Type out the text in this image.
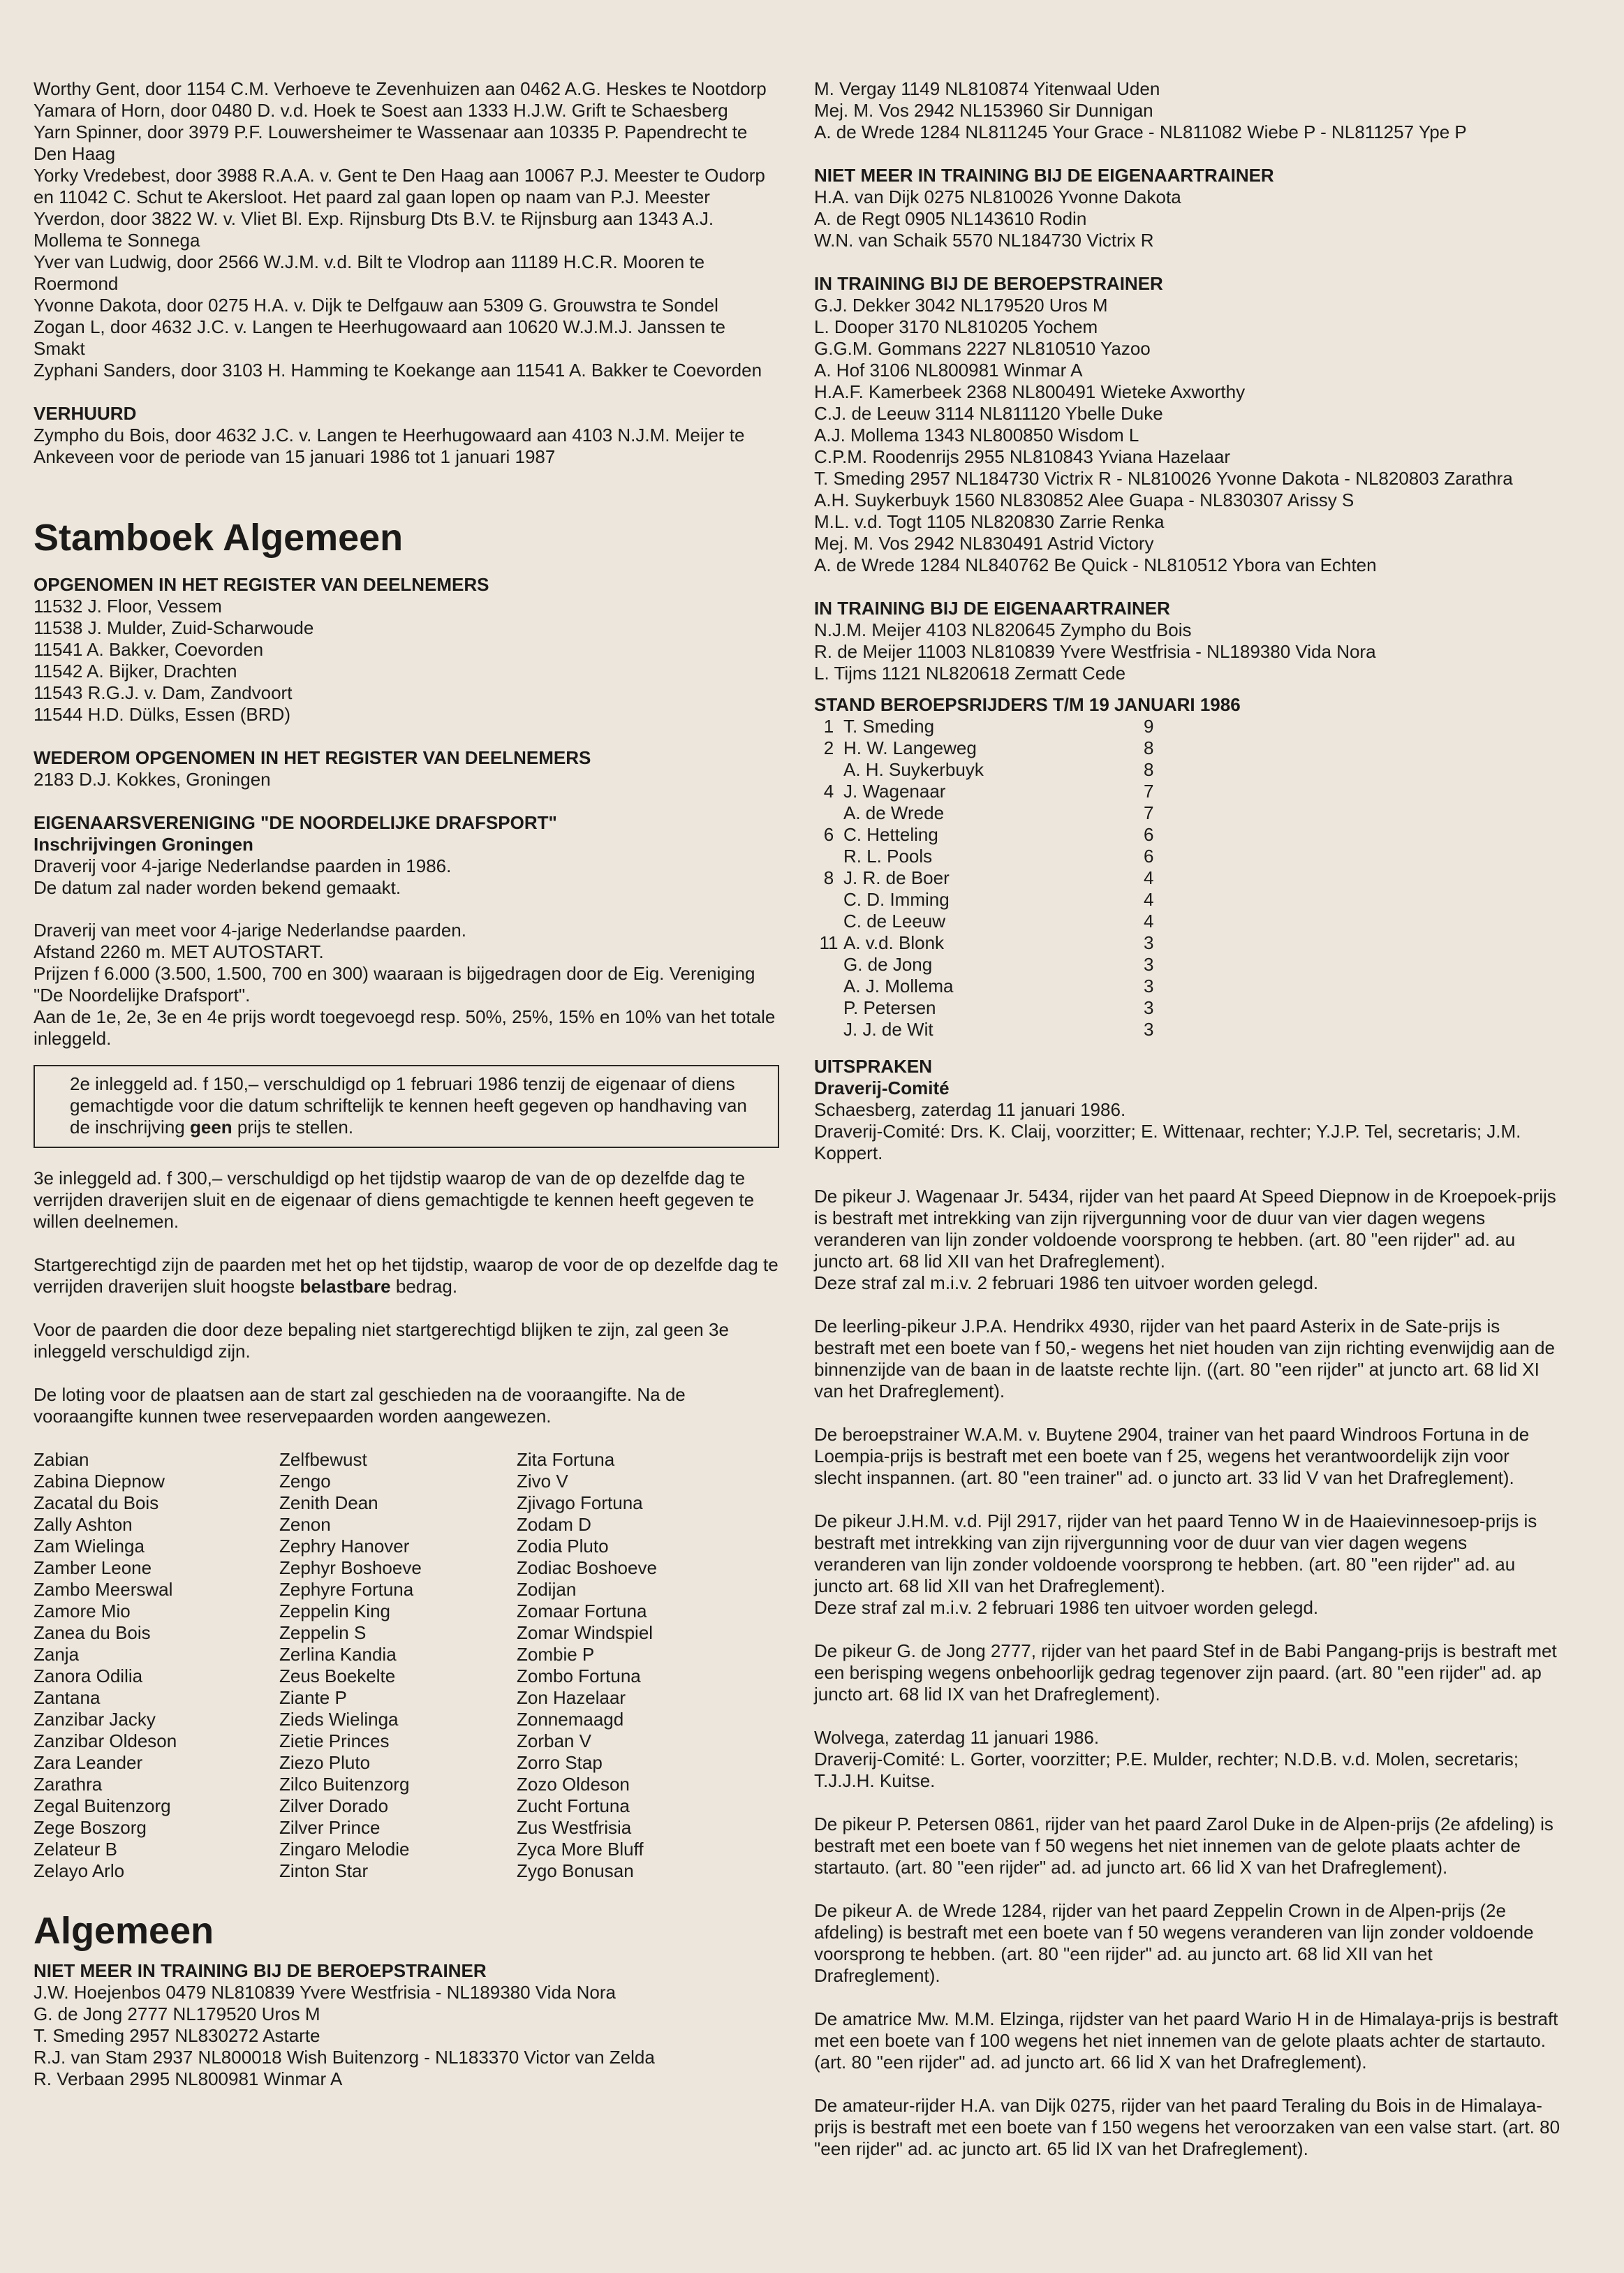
Worthy Gent, door 1154 C.M. Verhoeve te Zevenhuizen aan 0462 A.G. Heskes te Nootdorp

Yamara of Horn, door 0480 D. v.d. Hoek te Soest aan 1333 H.J.W. Grift te Schaesberg

Yarn Spinner, door 3979 P.F. Louwersheimer te Wassenaar aan 10335 P. Papendrecht te Den Haag

Yorky Vredebest, door 3988 R.A.A. v. Gent te Den Haag aan 10067 P.J. Meester te Oudorp en 11042 C. Schut te Akersloot. Het paard zal gaan lopen op naam van P.J. Meester

Yverdon, door 3822 W. v. Vliet Bl. Exp. Rijnsburg Dts B.V. te Rijnsburg aan 1343 A.J. Mollema te Sonnega

Yver van Ludwig, door 2566 W.J.M. v.d. Bilt te Vlodrop aan 11189 H.C.R. Mooren te Roermond

Yvonne Dakota, door 0275 H.A. v. Dijk te Delfgauw aan 5309 G. Grouwstra te Sondel

Zogan L, door 4632 J.C. v. Langen te Heerhugowaard aan 10620 W.J.M.J. Janssen te Smakt

Zyphani Sanders, door 3103 H. Hamming te Koekange aan 11541 A. Bakker te Coevorden

VERHUURD

Zympho du Bois, door 4632 J.C. v. Langen te Heerhugowaard aan 4103 N.J.M. Meijer te Ankeveen voor de periode van 15 januari 1986 tot 1 januari 1987

Stamboek Algemeen

OPGENOMEN IN HET REGISTER VAN DEELNEMERS

11532 J. Floor, Vessem

11538 J. Mulder, Zuid-Scharwoude

11541 A. Bakker, Coevorden

11542 A. Bijker, Drachten

11543 R.G.J. v. Dam, Zandvoort

11544 H.D. Dülks, Essen (BRD)

WEDEROM OPGENOMEN IN HET REGISTER VAN DEELNEMERS

2183 D.J. Kokkes, Groningen

EIGENAARSVERENIGING "DE NOORDELIJKE DRAFSPORT"

Inschrijvingen Groningen

Draverij voor 4-jarige Nederlandse paarden in 1986.

De datum zal nader worden bekend gemaakt.

Draverij van meet voor 4-jarige Nederlandse paarden.

Afstand 2260 m. MET AUTOSTART.

Prijzen f 6.000 (3.500, 1.500, 700 en 300) waaraan is bijgedragen door de Eig. Vereniging "De Noordelijke Drafsport".

Aan de 1e, 2e, 3e en 4e prijs wordt toegevoegd resp. 50%, 25%, 15% en 10% van het totale inleggeld.

2e inleggeld ad. f 150,– verschuldigd op 1 februari 1986 tenzij de eigenaar of diens gemachtigde voor die datum schriftelijk te kennen heeft gegeven op handhaving van de inschrijving geen prijs te stellen.

3e inleggeld ad. f 300,– verschuldigd op het tijdstip waarop de van de op dezelfde dag te verrijden draverijen sluit en de eigenaar of diens gemachtigde te kennen heeft gegeven te willen deelnemen.

Startgerechtigd zijn de paarden met het op het tijdstip, waarop de voor de op dezelfde dag te verrijden draverijen sluit hoogste belastbare bedrag.

Voor de paarden die door deze bepaling niet startgerechtigd blijken te zijn, zal geen 3e inleggeld verschuldigd zijn.

De loting voor de plaatsen aan de start zal geschieden na de vooraangifte. Na de vooraangifte kunnen twee reservepaarden worden aangewezen.

Zabian
Zabina Diepnow
Zacatal du Bois
Zally Ashton
Zam Wielinga
Zamber Leone
Zambo Meerswal
Zamore Mio
Zanea du Bois
Zanja
Zanora Odilia
Zantana
Zanzibar Jacky
Zanzibar Oldeson
Zara Leander
Zarathra
Zegal Buitenzorg
Zege Boszorg
Zelateur B
Zelayo Arlo
Zelfbewust
Zengo
Zenith Dean
Zenon
Zephry Hanover
Zephyr Boshoeve
Zephyre Fortuna
Zeppelin King
Zeppelin S
Zerlina Kandia
Zeus Boekelte
Ziante P
Zieds Wielinga
Zietie Princes
Ziezo Pluto
Zilco Buitenzorg
Zilver Dorado
Zilver Prince
Zingaro Melodie
Zinton Star
Zita Fortuna
Zivo V
Zjivago Fortuna
Zodam D
Zodia Pluto
Zodiac Boshoeve
Zodijan
Zomaar Fortuna
Zomar Windspiel
Zombie P
Zombo Fortuna
Zon Hazelaar
Zonnemaagd
Zorban V
Zorro Stap
Zozo Oldeson
Zucht Fortuna
Zus Westfrisia
Zyca More Bluff
Zygo Bonusan
Algemeen

NIET MEER IN TRAINING BIJ DE BEROEPSTRAINER

J.W. Hoejenbos 0479 NL810839 Yvere Westfrisia - NL189380 Vida Nora

G. de Jong 2777 NL179520 Uros M

T. Smeding 2957 NL830272 Astarte

R.J. van Stam 2937 NL800018 Wish Buitenzorg - NL183370 Victor van Zelda

R. Verbaan 2995 NL800981 Winmar A

M. Vergay 1149 NL810874 Yitenwaal Uden

Mej. M. Vos 2942 NL153960 Sir Dunnigan

A. de Wrede 1284 NL811245 Your Grace - NL811082 Wiebe P - NL811257 Ype P

NIET MEER IN TRAINING BIJ DE EIGENAARTRAINER

H.A. van Dijk 0275 NL810026 Yvonne Dakota

A. de Regt 0905 NL143610 Rodin

W.N. van Schaik 5570 NL184730 Victrix R

IN TRAINING BIJ DE BEROEPSTRAINER

G.J. Dekker 3042 NL179520 Uros M

L. Dooper 3170 NL810205 Yochem

G.G.M. Gommans 2227 NL810510 Yazoo

A. Hof 3106 NL800981 Winmar A

H.A.F. Kamerbeek 2368 NL800491 Wieteke Axworthy

C.J. de Leeuw 3114 NL811120 Ybelle Duke

A.J. Mollema 1343 NL800850 Wisdom L

C.P.M. Roodenrijs 2955 NL810843 Yviana Hazelaar

T. Smeding 2957 NL184730 Victrix R - NL810026 Yvonne Dakota - NL820803 Zarathra

A.H. Suykerbuyk 1560 NL830852 Alee Guapa - NL830307 Arissy S

M.L. v.d. Togt 1105 NL820830 Zarrie Renka

Mej. M. Vos 2942 NL830491 Astrid Victory

A. de Wrede 1284 NL840762 Be Quick - NL810512 Ybora van Echten

IN TRAINING BIJ DE EIGENAARTRAINER

N.J.M. Meijer 4103 NL820645 Zympho du Bois

R. de Meijer 11003 NL810839 Yvere Westfrisia - NL189380 Vida Nora

L. Tijms 1121 NL820618 Zermatt Cede

STAND BEROEPSRIJDERS T/M 19 JANUARI 1986

1	T. Smeding	9
2	H. W. Langeweg	8
	A. H. Suykerbuyk	8
4	J. Wagenaar	7
	A. de Wrede	7
6	C. Hetteling	6
	R. L. Pools	6
8	J. R. de Boer	4
	C. D. Imming	4
	C. de Leeuw	4
11	A. v.d. Blonk	3
	G. de Jong	3
	A. J. Mollema	3
	P. Petersen	3
	J. J. de Wit	3

UITSPRAKEN

Draverij-Comité

Schaesberg, zaterdag 11 januari 1986.

Draverij-Comité: Drs. K. Claij, voorzitter; E. Wittenaar, rechter; Y.J.P. Tel, secretaris; J.M. Koppert.

De pikeur J. Wagenaar Jr. 5434, rijder van het paard At Speed Diepnow in de Kroepoek-prijs is bestraft met intrekking van zijn rijvergunning voor de duur van vier dagen wegens veranderen van lijn zonder voldoende voorsprong te hebben. (art. 80 "een rijder" ad. au juncto art. 68 lid XII van het Drafreglement).

Deze straf zal m.i.v. 2 februari 1986 ten uitvoer worden gelegd.

De leerling-pikeur J.P.A. Hendrikx 4930, rijder van het paard Asterix in de Sate-prijs is bestraft met een boete van f 50,- wegens het niet houden van zijn richting evenwijdig aan de binnenzijde van de baan in de laatste rechte lijn. ((art. 80 "een rijder" at juncto art. 68 lid XI van het Drafreglement).

De beroepstrainer W.A.M. v. Buytene 2904, trainer van het paard Windroos Fortuna in de Loempia-prijs is bestraft met een boete van f 25, wegens het verantwoordelijk zijn voor slecht inspannen. (art. 80 "een trainer" ad. o juncto art. 33 lid V van het Drafreglement).

De pikeur J.H.M. v.d. Pijl 2917, rijder van het paard Tenno W in de Haaievinnesoep-prijs is bestraft met intrekking van zijn rijvergunning voor de duur van vier dagen wegens veranderen van lijn zonder voldoende voorsprong te hebben. (art. 80 "een rijder" ad. au juncto art. 68 lid XII van het Drafreglement).

Deze straf zal m.i.v. 2 februari 1986 ten uitvoer worden gelegd.

De pikeur G. de Jong 2777, rijder van het paard Stef in de Babi Pangang-prijs is bestraft met een berisping wegens onbehoorlijk gedrag tegenover zijn paard. (art. 80 "een rijder" ad. ap juncto art. 68 lid IX van het Drafreglement).

Wolvega, zaterdag 11 januari 1986.

Draverij-Comité: L. Gorter, voorzitter; P.E. Mulder, rechter; N.D.B. v.d. Molen, secretaris; T.J.J.H. Kuitse.

De pikeur P. Petersen 0861, rijder van het paard Zarol Duke in de Alpen-prijs (2e afdeling) is bestraft met een boete van f 50 wegens het niet innemen van de gelote plaats achter de startauto. (art. 80 "een rijder" ad. ad juncto art. 66 lid X van het Drafreglement).

De pikeur A. de Wrede 1284, rijder van het paard Zeppelin Crown in de Alpen-prijs (2e afdeling) is bestraft met een boete van f 50 wegens veranderen van lijn zonder voldoende voorsprong te hebben. (art. 80 "een rijder" ad. au juncto art. 68 lid XII van het Drafreglement).

De amatrice Mw. M.M. Elzinga, rijdster van het paard Wario H in de Himalaya-prijs is bestraft met een boete van f 100 wegens het niet innemen van de gelote plaats achter de startauto. (art. 80 "een rijder" ad. ad juncto art. 66 lid X van het Drafreglement).

De amateur-rijder H.A. van Dijk 0275, rijder van het paard Teraling du Bois in de Himalaya-prijs is bestraft met een boete van f 150 wegens het veroorzaken van een valse start. (art. 80 "een rijder" ad. ac juncto art. 65 lid IX van het Drafreglement).
